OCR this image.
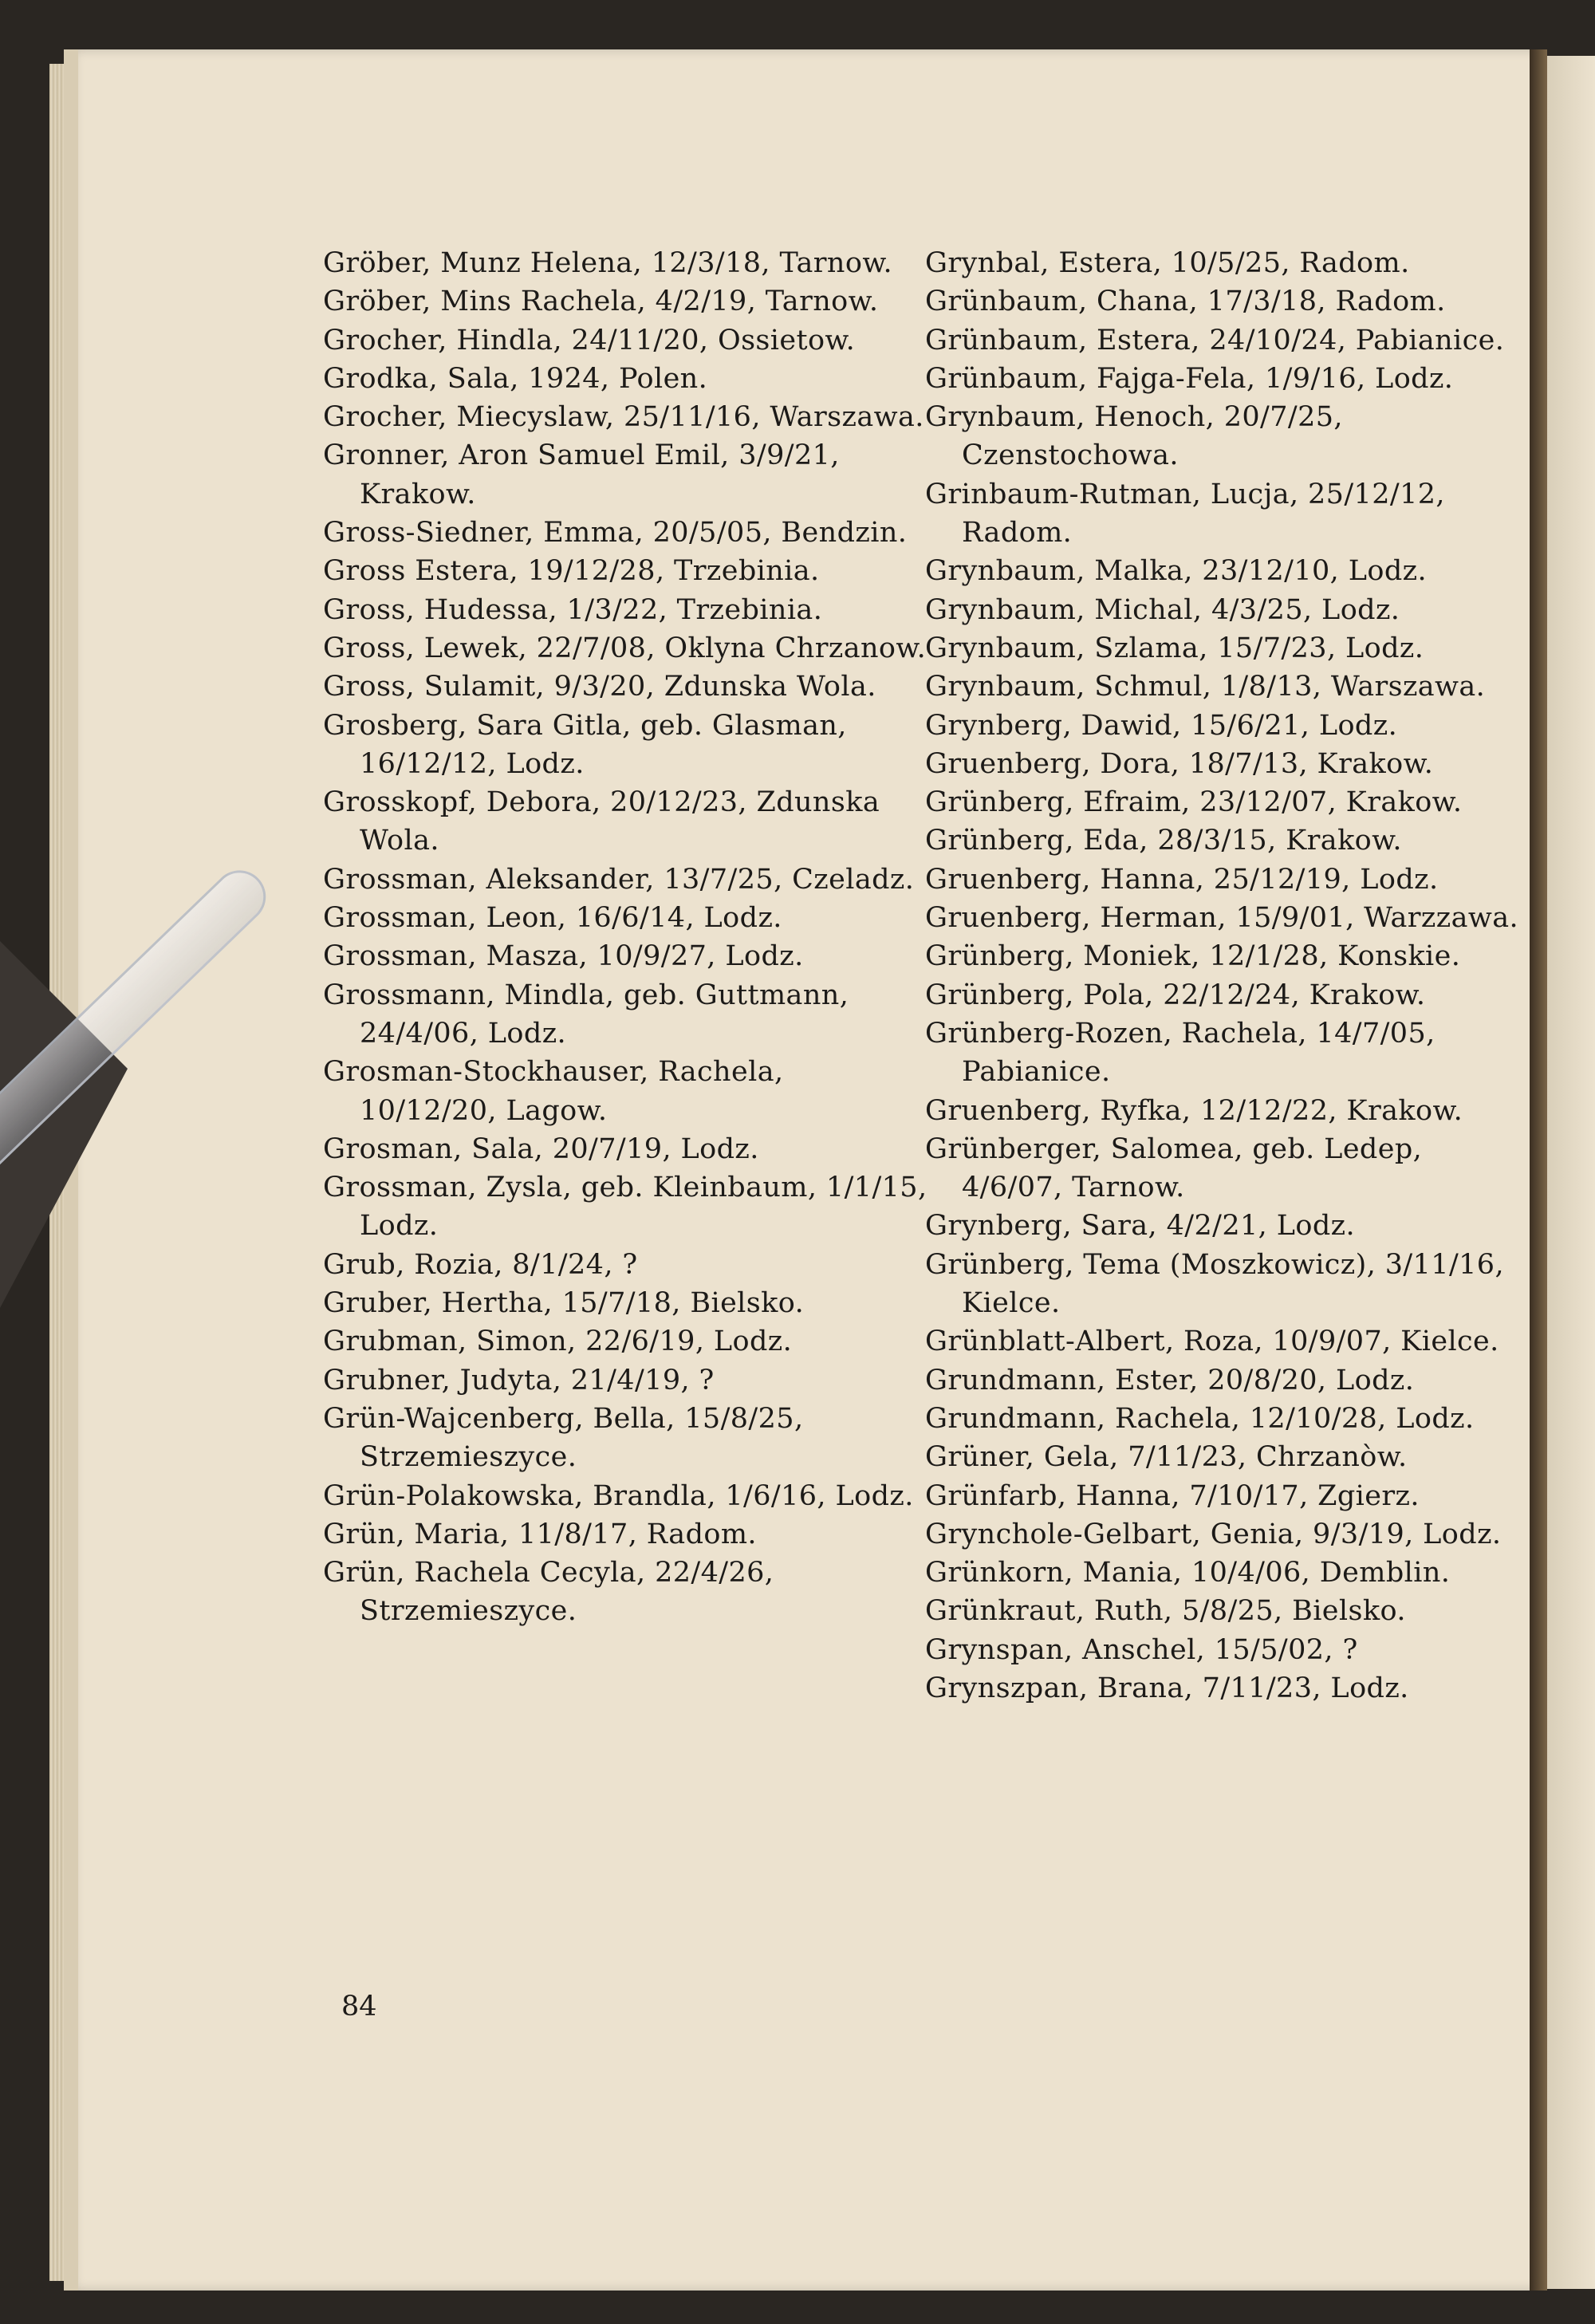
Gröber, Munz Helena, 12/3/18, Tarnow.
Gröber, Mins Rachela, 4/2/19, Tarnow.
Grocher, Hindla, 24/11/20, Ossietow.
Grodka, Sala, 1924, Polen.
Grocher, Miecyslaw, 25/11/16, Warszawa.
Gronner, Aron Samuel Emil, 3/9/21, Krakow.
Gross-Siedner, Emma, 20/5/05, Bendzin.
Gross Estera, 19/12/28, Trzebinia.
Gross, Hudessa, 1/3/22, Trzebinia.
Gross, Lewek, 22/7/08, Oklyna Chrzanow.
Gross, Sulamit, 9/3/20, Zdunska Wola.
Grosberg, Sara Gitla, geb. Glasman, 16/12/12, Lodz.
Grosskopf, Debora, 20/12/23, Zdunska Wola.
Grossman, Aleksander, 13/7/25, Czeladz.
Grossman, Leon, 16/6/14, Lodz.
Grossman, Masza, 10/9/27, Lodz.
Grossmann, Mindla, geb. Guttmann, 24/4/06, Lodz.
Grosman-Stockhauser, Rachela, 10/12/20, Lagow.
Grosman, Sala, 20/7/19, Lodz.
Grossman, Zysla, geb. Kleinbaum, 1/1/15, Lodz.
Grub, Rozia, 8/1/24, ?
Gruber, Hertha, 15/7/18, Bielsko.
Grubman, Simon, 22/6/19, Lodz.
Grubner, Judyta, 21/4/19, ?
Grün-Wajcenberg, Bella, 15/8/25, Strzemieszyce.
Grün-Polakowska, Brandla, 1/6/16, Lodz.
Grün, Maria, 11/8/17, Radom.
Grün, Rachela Cecyla, 22/4/26, Strzemieszyce.
Grynbal, Estera, 10/5/25, Radom.
Grünbaum, Chana, 17/3/18, Radom.
Grünbaum, Estera, 24/10/24, Pabianice.
Grünbaum, Fajga-Fela, 1/9/16, Lodz.
Grynbaum, Henoch, 20/7/25, Czenstochowa.
Grinbaum-Rutman, Lucja, 25/12/12, Radom.
Grynbaum, Malka, 23/12/10, Lodz.
Grynbaum, Michal, 4/3/25, Lodz.
Grynbaum, Szlama, 15/7/23, Lodz.
Grynbaum, Schmul, 1/8/13, Warszawa.
Grynberg, Dawid, 15/6/21, Lodz.
Gruenberg, Dora, 18/7/13, Krakow.
Grünberg, Efraim, 23/12/07, Krakow.
Grünberg, Eda, 28/3/15, Krakow.
Gruenberg, Hanna, 25/12/19, Lodz.
Gruenberg, Herman, 15/9/01, Warzzawa.
Grünberg, Moniek, 12/1/28, Konskie.
Grünberg, Pola, 22/12/24, Krakow.
Grünberg-Rozen, Rachela, 14/7/05, Pabianice.
Gruenberg, Ryfka, 12/12/22, Krakow.
Grünberger, Salomea, geb. Ledep, 4/6/07, Tarnow.
Grynberg, Sara, 4/2/21, Lodz.
Grünberg, Tema (Moszkowicz), 3/11/16, Kielce.
Grünblatt-Albert, Roza, 10/9/07, Kielce.
Grundmann, Ester, 20/8/20, Lodz.
Grundmann, Rachela, 12/10/28, Lodz.
Grüner, Gela, 7/11/23, Chrzanòw.
Grünfarb, Hanna, 7/10/17, Zgierz.
Grynchole-Gelbart, Genia, 9/3/19, Lodz.
Grünkorn, Mania, 10/4/06, Demblin.
Grünkraut, Ruth, 5/8/25, Bielsko.
Grynspan, Anschel, 15/5/02, ?
Grynszpan, Brana, 7/11/23, Lodz.
84
